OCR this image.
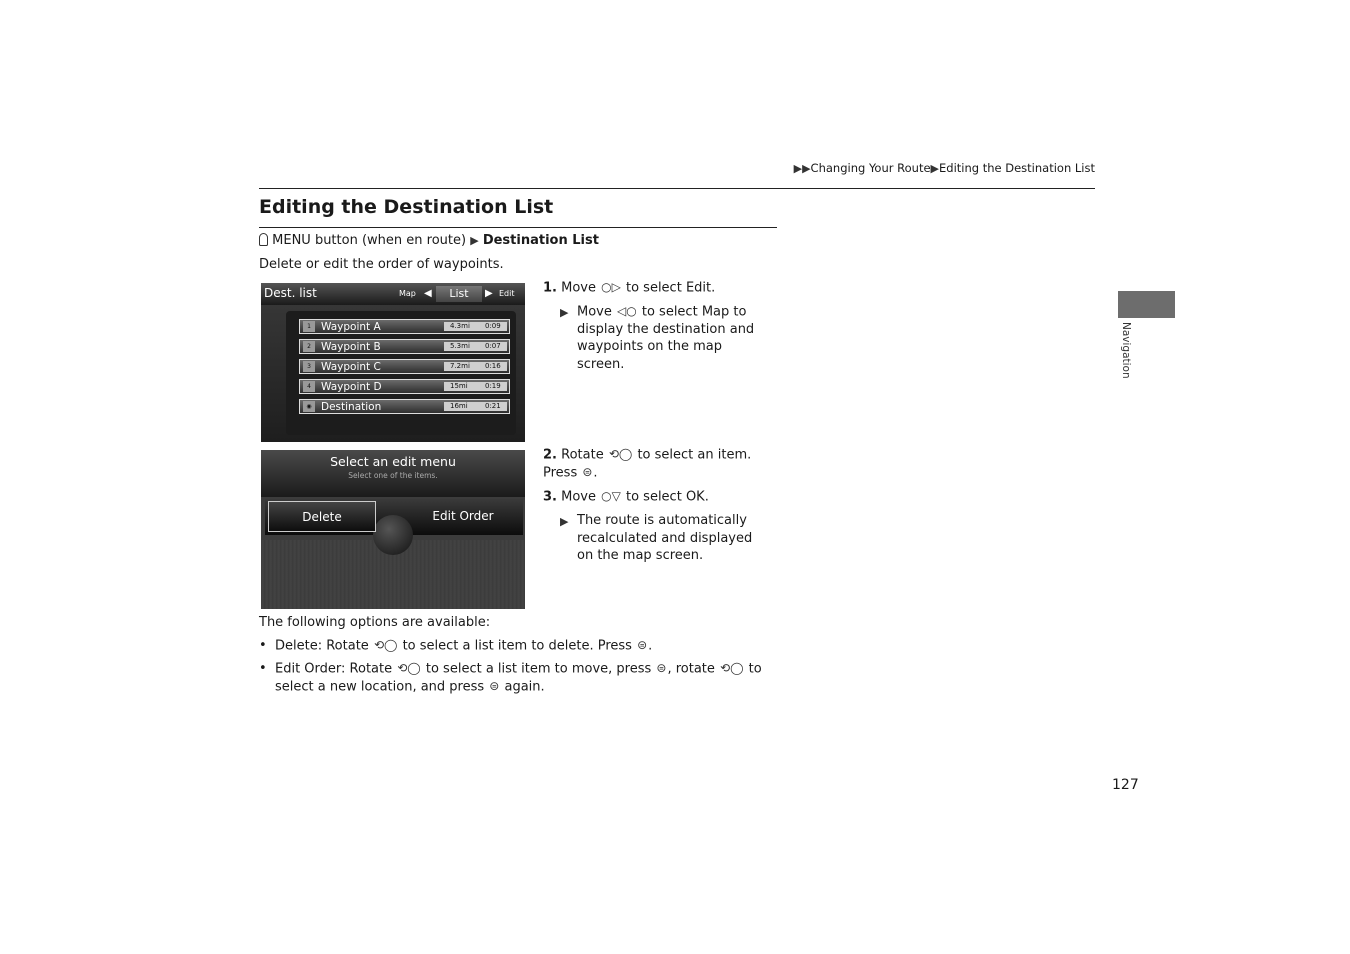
▶▶Changing Your Route▶Editing the Destination List
Editing the Destination List
MENU button (when en route) ▶ Destination List
Delete or edit the order of waypoints.
Dest. list	Map ◀	List	▶ Edit
1 Waypoint A	4.3mi 0:09
2 Waypoint B	5.3mi 0:07
3 Waypoint C	7.2mi 0:16
4 Waypoint D	15mi 0:19
◉ Destination	16mi 0:21
Select an edit menu
Select one of the items.
Delete	Edit Order
1. Move ○▷ to select Edit.
▶ Move ◁○ to select Map to display the destination and waypoints on the map screen.
2. Rotate ⟲◯ to select an item. Press ⊜.
3. Move ○▽ to select OK.
▶ The route is automatically recalculated and displayed on the map screen.
The following options are available:
• Delete: Rotate ⟲◯ to select a list item to delete. Press ⊜.
• Edit Order: Rotate ⟲◯ to select a list item to move, press ⊜, rotate ⟲◯ to select a new location, and press ⊜ again.
Navigation
127
